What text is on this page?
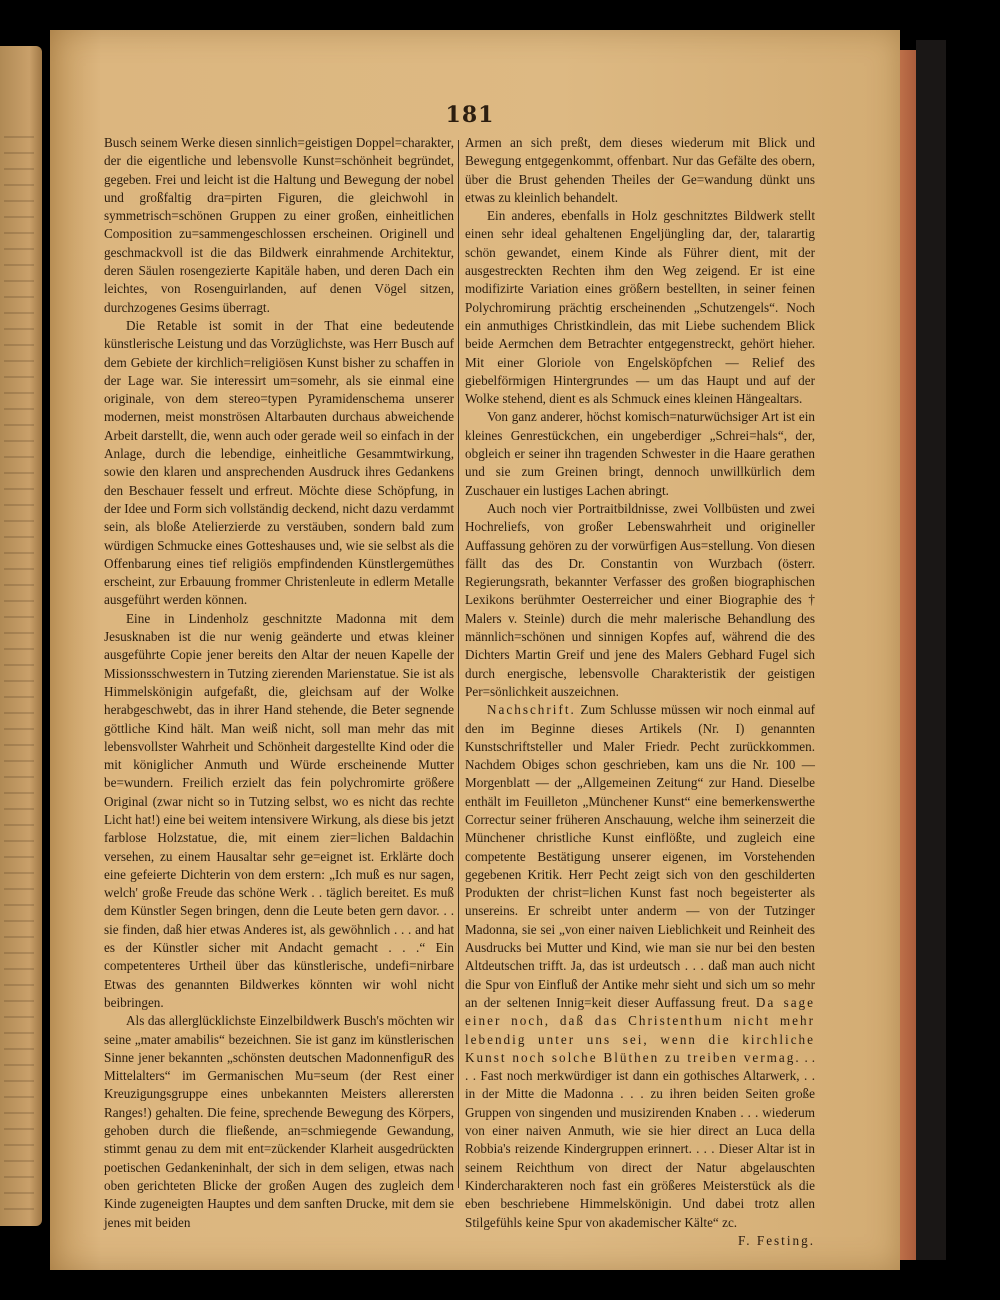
181

Busch seinem Werke diesen sinnlich=geistigen Doppel=charakter, der die eigentliche und lebensvolle Kunst=schönheit begründet, gegeben. Frei und leicht ist die Haltung und Bewegung der nobel und großfaltig dra=pirten Figuren, die gleichwohl in symmetrisch=schönen Gruppen zu einer großen, einheitlichen Composition zu=sammengeschlossen erscheinen. Originell und geschmackvoll ist die das Bildwerk einrahmende Architektur, deren Säulen rosengezierte Kapitäle haben, und deren Dach ein leichtes, von Rosenguirlanden, auf denen Vögel sitzen, durchzogenes Gesims überragt.

Die Retable ist somit in der That eine bedeutende künstlerische Leistung und das Vorzüglichste, was Herr Busch auf dem Gebiete der kirchlich=religiösen Kunst bisher zu schaffen in der Lage war. Sie interessirt um=somehr, als sie einmal eine originale, von dem stereo=typen Pyramidenschema unserer modernen, meist monströsen Altarbauten durchaus abweichende Arbeit darstellt, die, wenn auch oder gerade weil so einfach in der Anlage, durch die lebendige, einheitliche Gesammtwirkung, sowie den klaren und ansprechenden Ausdruck ihres Gedankens den Beschauer fesselt und erfreut. Möchte diese Schöpfung, in der Idee und Form sich vollständig deckend, nicht dazu verdammt sein, als bloße Atelierzierde zu verstäuben, sondern bald zum würdigen Schmucke eines Gotteshauses und, wie sie selbst als die Offenbarung eines tief religiös empfindenden Künstlergemüthes erscheint, zur Erbauung frommer Christenleute in edlerm Metalle ausgeführt werden können.

Eine in Lindenholz geschnitzte Madonna mit dem Jesusknaben ist die nur wenig geänderte und etwas kleiner ausgeführte Copie jener bereits den Altar der neuen Kapelle der Missionsschwestern in Tutzing zierenden Marienstatue. Sie ist als Himmelskönigin aufgefaßt, die, gleichsam auf der Wolke herabgeschwebt, das in ihrer Hand stehende, die Beter segnende göttliche Kind hält. Man weiß nicht, soll man mehr das mit lebensvollster Wahrheit und Schönheit dargestellte Kind oder die mit königlicher Anmuth und Würde erscheinende Mutter be=wundern. Freilich erzielt das fein polychromirte größere Original (zwar nicht so in Tutzing selbst, wo es nicht das rechte Licht hat!) eine bei weitem intensivere Wirkung, als diese bis jetzt farblose Holzstatue, die, mit einem zier=lichen Baldachin versehen, zu einem Hausaltar sehr ge=eignet ist. Erklärte doch eine gefeierte Dichterin von dem erstern: „Ich muß es nur sagen, welch' große Freude das schöne Werk . . täglich bereitet. Es muß dem Künstler Segen bringen, denn die Leute beten gern davor. . . sie finden, daß hier etwas Anderes ist, als gewöhnlich . . . and hat es der Künstler sicher mit Andacht gemacht . . .“ Ein competenteres Urtheil über das künstlerische, undefi=nirbare Etwas des genannten Bildwerkes könnten wir wohl nicht beibringen.

Als das allerglücklichste Einzelbildwerk Busch's möchten wir seine „mater amabilis“ bezeichnen. Sie ist ganz im künstlerischen Sinne jener bekannten „schönsten deutschen MadonnenfiguR des Mittelalters“ im Germanischen Mu=seum (der Rest einer Kreuzigungsgruppe eines unbekannten Meisters allerersten Ranges!) gehalten. Die feine, sprechende Bewegung des Körpers, gehoben durch die fließende, an=schmiegende Gewandung, stimmt genau zu dem mit ent=zückender Klarheit ausgedrückten poetischen Gedankeninhalt, der sich in dem seligen, etwas nach oben gerichteten Blicke der großen Augen des zugleich dem Kinde zugeneigten Hauptes und dem sanften Drucke, mit dem sie jenes mit beiden

Armen an sich preßt, dem dieses wiederum mit Blick und Bewegung entgegenkommt, offenbart. Nur das Gefälte des obern, über die Brust gehenden Theiles der Ge=wandung dünkt uns etwas zu kleinlich behandelt.

Ein anderes, ebenfalls in Holz geschnitztes Bildwerk stellt einen sehr ideal gehaltenen Engeljüngling dar, der, talarartig schön gewandet, einem Kinde als Führer dient, mit der ausgestreckten Rechten ihm den Weg zeigend. Er ist eine modifizirte Variation eines größern bestellten, in seiner feinen Polychromirung prächtig erscheinenden „Schutzengels“. Noch ein anmuthiges Christkindlein, das mit Liebe suchendem Blick beide Aermchen dem Betrachter entgegenstreckt, gehört hieher. Mit einer Gloriole von Engelsköpfchen — Relief des giebelförmigen Hintergrundes — um das Haupt und auf der Wolke stehend, dient es als Schmuck eines kleinen Hängealtars.

Von ganz anderer, höchst komisch=naturwüchsiger Art ist ein kleines Genrestückchen, ein ungeberdiger „Schrei=hals“, der, obgleich er seiner ihn tragenden Schwester in die Haare gerathen und sie zum Greinen bringt, dennoch unwillkürlich dem Zuschauer ein lustiges Lachen abringt.

Auch noch vier Portraitbildnisse, zwei Vollbüsten und zwei Hochreliefs, von großer Lebenswahrheit und origineller Auffassung gehören zu der vorwürfigen Aus=stellung. Von diesen fällt das des Dr. Constantin von Wurzbach (österr. Regierungsrath, bekannter Verfasser des großen biographischen Lexikons berühmter Oesterreicher und einer Biographie des † Malers v. Steinle) durch die mehr malerische Behandlung des männlich=schönen und sinnigen Kopfes auf, während die des Dichters Martin Greif und jene des Malers Gebhard Fugel sich durch energische, lebensvolle Charakteristik der geistigen Per=sönlichkeit auszeichnen.

Nachschrift. Zum Schlusse müssen wir noch einmal auf den im Beginne dieses Artikels (Nr. I) genannten Kunstschriftsteller und Maler Friedr. Pecht zurückkommen. Nachdem Obiges schon geschrieben, kam uns die Nr. 100 — Morgenblatt — der „Allgemeinen Zeitung“ zur Hand. Dieselbe enthält im Feuilleton „Münchener Kunst“ eine bemerkenswerthe Correctur seiner früheren Anschauung, welche ihm seinerzeit die Münchener christliche Kunst einflößte, und zugleich eine competente Bestätigung unserer eigenen, im Vorstehenden gegebenen Kritik. Herr Pecht zeigt sich von den geschilderten Produkten der christ=lichen Kunst fast noch begeisterter als unsereins. Er schreibt unter anderm — von der Tutzinger Madonna, sie sei „von einer naiven Lieblichkeit und Reinheit des Ausdrucks bei Mutter und Kind, wie man sie nur bei den besten Altdeutschen trifft. Ja, das ist urdeutsch . . . daß man auch nicht die Spur von Einfluß der Antike mehr sieht und sich um so mehr an der seltenen Innig=keit dieser Auffassung freut. Da sage einer noch, daß das Christenthum nicht mehr lebendig unter uns sei, wenn die kirchliche Kunst noch solche Blüthen zu treiben vermag. . . . . Fast noch merkwürdiger ist dann ein gothisches Altarwerk, . . in der Mitte die Madonna . . . zu ihren beiden Seiten große Gruppen von singenden und musizirenden Knaben . . . wiederum von einer naiven Anmuth, wie sie hier direct an Luca della Robbia's reizende Kindergruppen erinnert. . . . Dieser Altar ist in seinem Reichthum von direct der Natur abgelauschten Kindercharakteren noch fast ein größeres Meisterstück als die eben beschriebene Himmelskönigin. Und dabei trotz allen Stilgefühls keine Spur von akademischer Kälte“ zc.

F. Festing.
